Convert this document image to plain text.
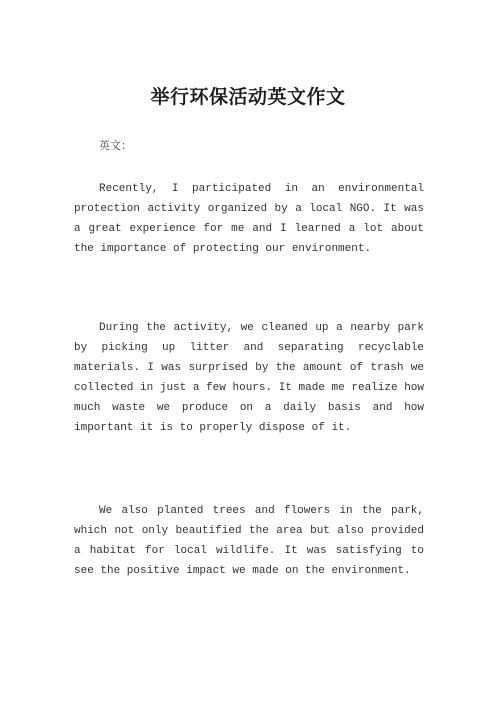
举行环保活动英文作文
英文：

Recently, I participated in an environmental protection activity organized by a local NGO. It was a great experience for me and I learned a lot about the importance of protecting our environment.

During the activity, we cleaned up a nearby park by picking up litter and separating recyclable materials. I was surprised by the amount of trash we collected in just a few hours. It made me realize how much waste we produce on a daily basis and how important it is to properly dispose of it.

We also planted trees and flowers in the park, which not only beautified the area but also provided a habitat for local wildlife. It was satisfying to see the positive impact we made on the environment.
